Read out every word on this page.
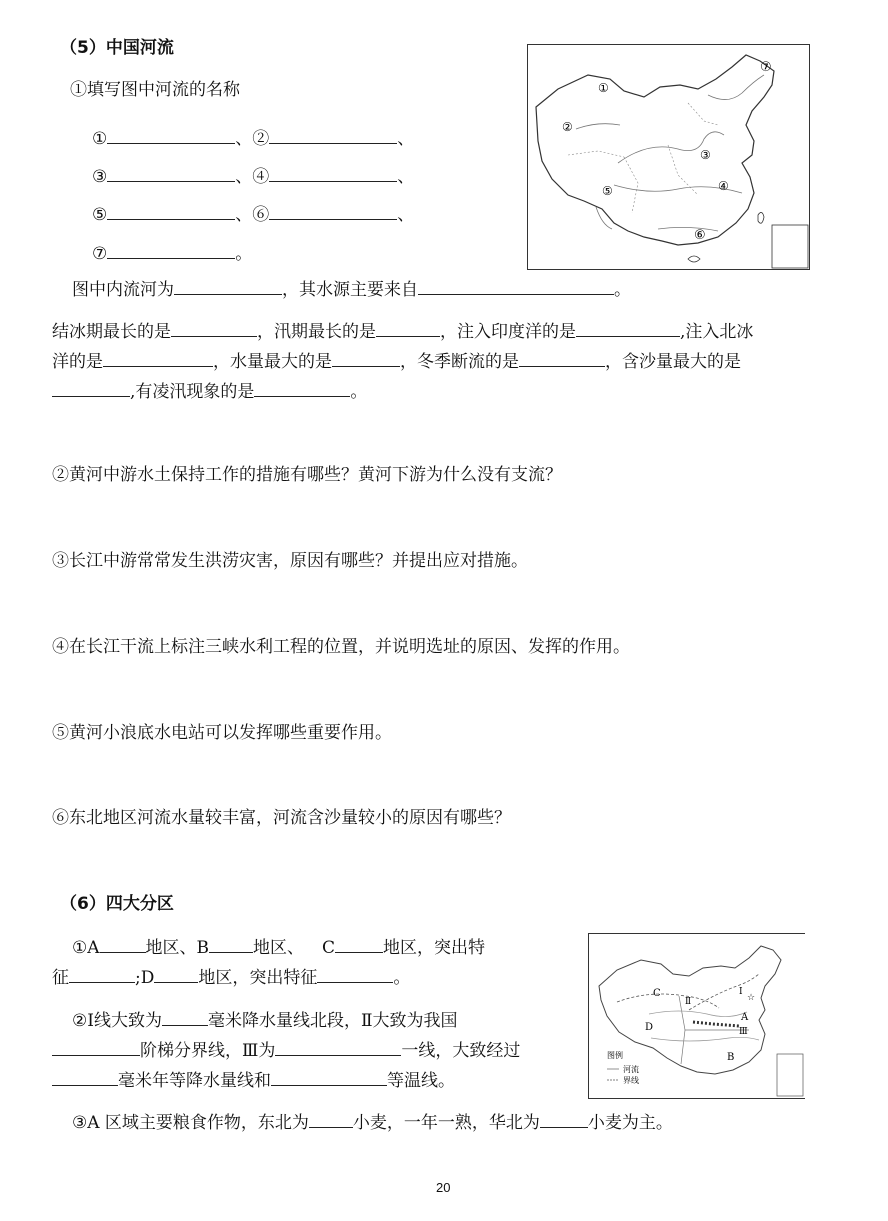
（5）中国河流
①填写图中河流的名称
①	、②	、
③	、④	、
⑤	、⑥	、
⑦	。
图中内流河为	，其水源主要来自	。
结冰期最长的是	，汛期最长的是	，注入印度洋的是	,注入北冰
洋的是	，水量最大的是	，冬季断流的是	，含沙量最大的是
,有凌汛现象的是	。
②黄河中游水土保持工作的措施有哪些？黄河下游为什么没有支流？
③长江中游常常发生洪涝灾害，原因有哪些？并提出应对措施。
④在长江干流上标注三峡水利工程的位置，并说明选址的原因、发挥的作用。
⑤黄河小浪底水电站可以发挥哪些重要作用。
⑥东北地区河流水量较丰富，河流含沙量较小的原因有哪些？
①
②
③
④
⑤
⑥
⑦
（6）四大分区
①A	地区、B	地区、 C	地区，突出特
征	;D	地区，突出特征	。
②Ⅰ线大致为	毫米降水量线北段，Ⅱ大致为我国
阶梯分界线，Ⅲ为	一线，大致经过
毫米年等降水量线和	等温线。
③A 区域主要粮食作物，东北为	小麦，一年一熟，华北为	小麦为主。
A
B
C
D
Ⅰ
Ⅱ
Ⅲ
☆
图例
河流
界线
20
